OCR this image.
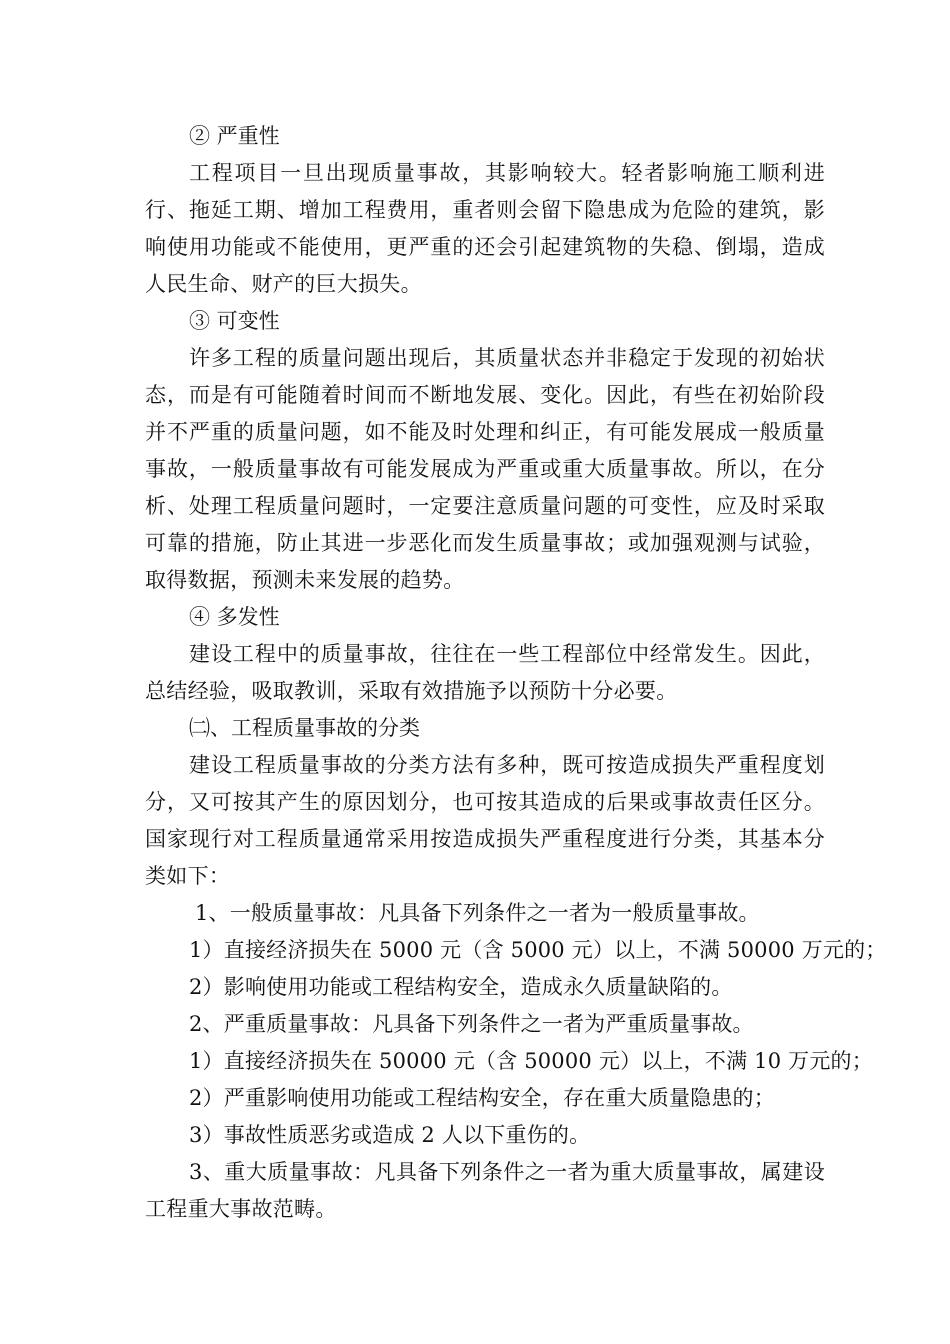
② 严重性

工程项目一旦出现质量事故，其影响较大。轻者影响施工顺利进行、拖延工期、增加工程费用，重者则会留下隐患成为危险的建筑，影响使用功能或不能使用，更严重的还会引起建筑物的失稳、倒塌，造成人民生命、财产的巨大损失。

③ 可变性

许多工程的质量问题出现后，其质量状态并非稳定于发现的初始状态，而是有可能随着时间而不断地发展、变化。因此，有些在初始阶段并不严重的质量问题，如不能及时处理和纠正，有可能发展成一般质量事故，一般质量事故有可能发展成为严重或重大质量事故。所以，在分析、处理工程质量问题时，一定要注意质量问题的可变性，应及时采取可靠的措施，防止其进一步恶化而发生质量事故；或加强观测与试验，取得数据，预测未来发展的趋势。

④ 多发性

建设工程中的质量事故，往往在一些工程部位中经常发生。因此，总结经验，吸取教训，采取有效措施予以预防十分必要。

㈡、工程质量事故的分类

建设工程质量事故的分类方法有多种，既可按造成损失严重程度划分，又可按其产生的原因划分，也可按其造成的后果或事故责任区分。国家现行对工程质量通常采用按造成损失严重程度进行分类，其基本分类如下：

1、一般质量事故：凡具备下列条件之一者为一般质量事故。

1）直接经济损失在 5000 元（含 5000 元）以上，不满 50000 万元的；

2）影响使用功能或工程结构安全，造成永久质量缺陷的。

2、严重质量事故：凡具备下列条件之一者为严重质量事故。

1）直接经济损失在 50000 元（含 50000 元）以上，不满 10 万元的；

2）严重影响使用功能或工程结构安全，存在重大质量隐患的；

3）事故性质恶劣或造成 2 人以下重伤的。

3、重大质量事故：凡具备下列条件之一者为重大质量事故，属建设工程重大事故范畴。
